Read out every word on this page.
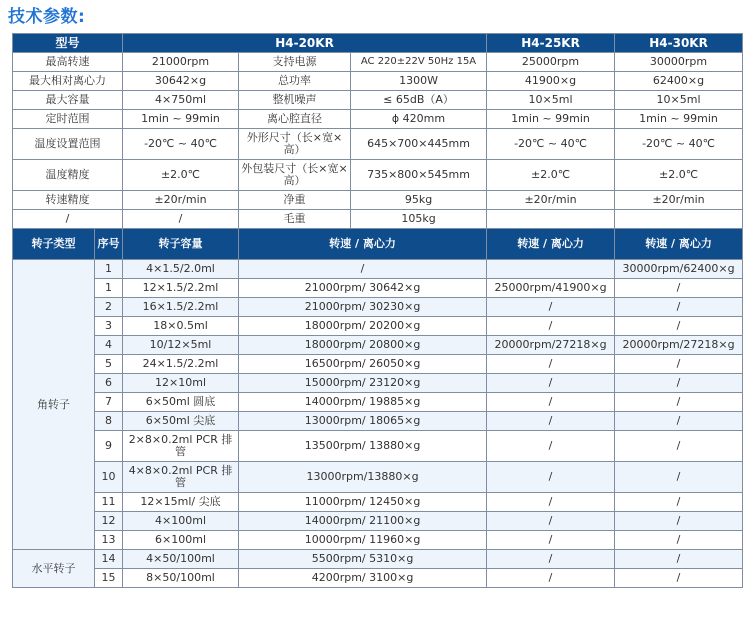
技术参数:
型号		H4-20KR			H4-25KR	H4-30KR
最高转速		21000rpm	支持电源	AC 220±22V 50Hz 15A	25000rpm	30000rpm
最大相对离心力		30642×g	总功率	1300W	41900×g	62400×g
最大容量		4×750ml	整机噪声	≤ 65dB（A）	10×5ml	10×5ml
定时范围		1min ~ 99min	离心腔直径	ϕ 420mm	1min ~ 99min	1min ~ 99min
温度设置范围		-20℃ ~ 40℃	外形尺寸（长×宽×高）	645×700×445mm	-20℃ ~ 40℃	-20℃ ~ 40℃
温度精度		±2.0℃	外包装尺寸（长×宽×高）	735×800×545mm	±2.0℃	±2.0℃
转速精度		±20r/min	净重	95kg	±20r/min	±20r/min
/		/	毛重	105kg		
转子类型	序号	转子容量	转速 / 离心力		转速 / 离心力	转速 / 离心力
角转子	1	4×1.5/2.0ml	/			30000rpm/62400×g
	1	12×1.5/2.2ml	21000rpm/ 30642×g		25000rpm/41900×g	/
	2	16×1.5/2.2ml	21000rpm/ 30230×g		/	/
	3	18×0.5ml	18000rpm/ 20200×g		/	/
	4	10/12×5ml	18000rpm/ 20800×g		20000rpm/27218×g	20000rpm/27218×g
	5	24×1.5/2.2ml	16500rpm/ 26050×g		/	/
	6	12×10ml	15000rpm/ 23120×g		/	/
	7	6×50ml 圆底	14000rpm/ 19885×g		/	/
	8	6×50ml 尖底	13000rpm/ 18065×g		/	/
	9	2×8×0.2ml PCR 排管	13500rpm/ 13880×g		/	/
	10	4×8×0.2ml PCR 排管	13000rpm/13880×g		/	/
	11	12×15ml/ 尖底	11000rpm/ 12450×g		/	/
	12	4×100ml	14000rpm/ 21100×g		/	/
	13	6×100ml	10000rpm/ 11960×g		/	/
水平转子	14	4×50/100ml	5500rpm/ 5310×g		/	/
	15	8×50/100ml	4200rpm/ 3100×g		/	/
